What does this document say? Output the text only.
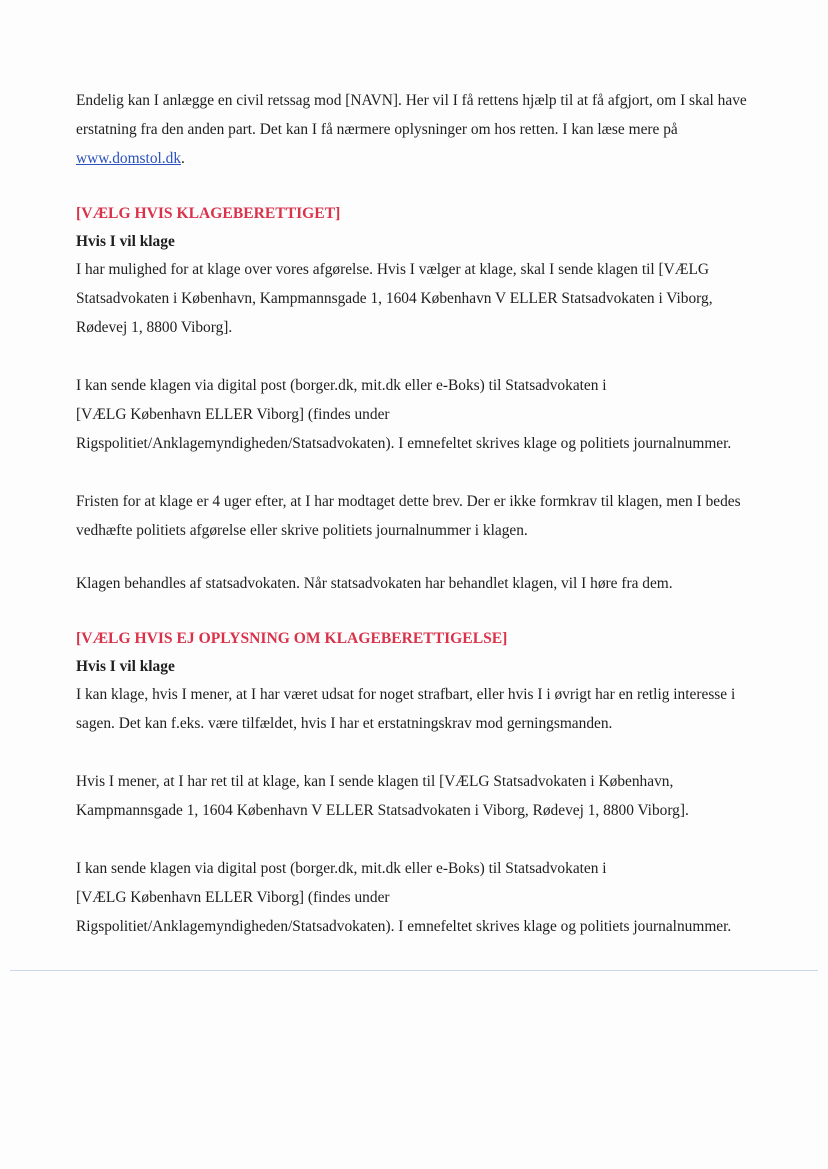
Endelig kan I anlægge en civil retssag mod [NAVN]. Her vil I få rettens hjælp til at få afgjort, om I skal have erstatning fra den anden part. Det kan I få nærmere oplysninger om hos retten. I kan læse mere på www.domstol.dk.

[VÆLG HVIS KLAGEBERETTIGET]
Hvis I vil klage

I har mulighed for at klage over vores afgørelse. Hvis I vælger at klage, skal I sende klagen til [VÆLG Statsadvokaten i København, Kampmannsgade 1, 1604 København V ELLER Statsadvokaten i Viborg, Rødevej 1, 8800 Viborg].

I kan sende klagen via digital post (borger.dk, mit.dk eller e-Boks) til Statsadvokaten i
[VÆLG København ELLER Viborg] (findes under
Rigspolitiet/Anklagemyndigheden/Statsadvokaten). I emnefeltet skrives klage og politiets journalnummer.

Fristen for at klage er 4 uger efter, at I har modtaget dette brev. Der er ikke formkrav til klagen, men I bedes vedhæfte politiets afgørelse eller skrive politiets journalnummer i klagen.

Klagen behandles af statsadvokaten. Når statsadvokaten har behandlet klagen, vil I høre fra dem.

[VÆLG HVIS EJ OPLYSNING OM KLAGEBERETTIGELSE]
Hvis I vil klage

I kan klage, hvis I mener, at I har været udsat for noget strafbart, eller hvis I i øvrigt har en retlig interesse i sagen. Det kan f.eks. være tilfældet, hvis I har et erstatningskrav mod gerningsmanden.

Hvis I mener, at I har ret til at klage, kan I sende klagen til [VÆLG Statsadvokaten i København, Kampmannsgade 1, 1604 København V ELLER Statsadvokaten i Viborg, Rødevej 1, 8800 Viborg].

I kan sende klagen via digital post (borger.dk, mit.dk eller e-Boks) til Statsadvokaten i
[VÆLG København ELLER Viborg] (findes under
Rigspolitiet/Anklagemyndigheden/Statsadvokaten). I emnefeltet skrives klage og politiets journalnummer.
